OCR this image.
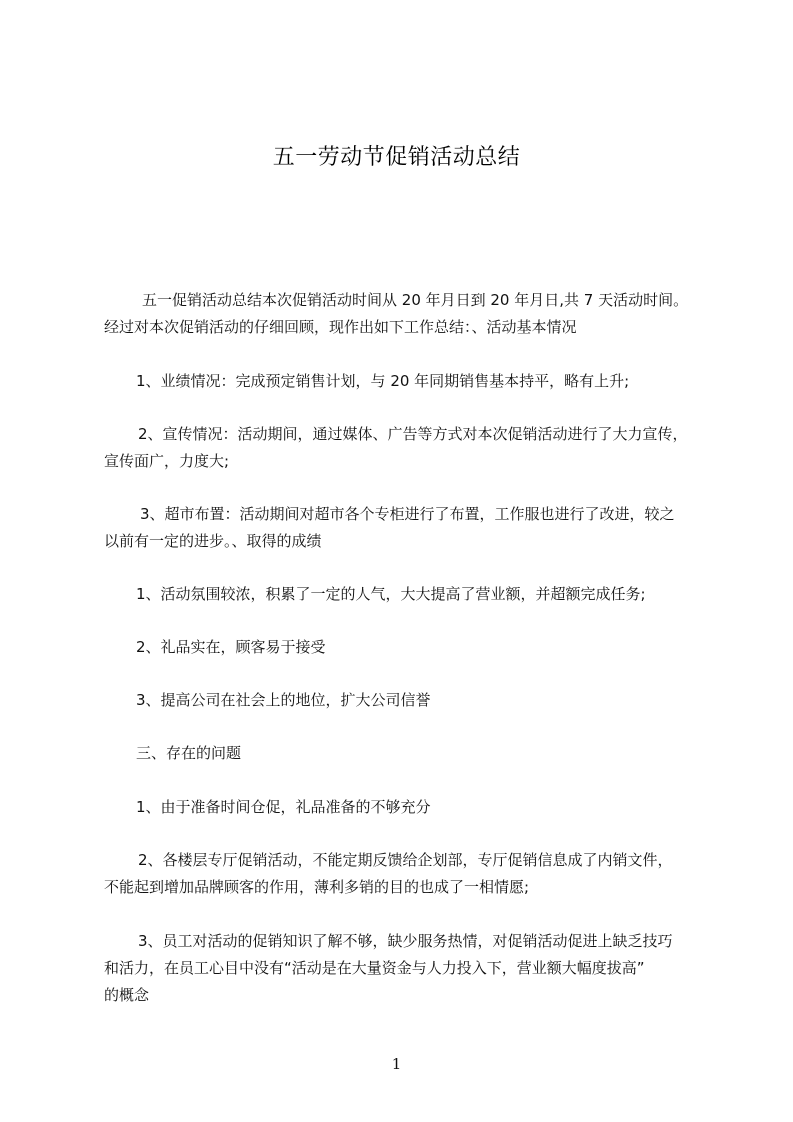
五一劳动节促销活动总结
五一促销活动总结本次促销活动时间从 20 年月日到 20 年月日,共 7 天活动时间。
经过对本次促销活动的仔细回顾，现作出如下工作总结：、活动基本情况
1、业绩情况：完成预定销售计划，与 20 年同期销售基本持平，略有上升;
2、宣传情况：活动期间，通过媒体、广告等方式对本次促销活动进行了大力宣传，
宣传面广，力度大;
3、超市布置：活动期间对超市各个专柜进行了布置，工作服也进行了改进，较之
以前有一定的进步。、取得的成绩
1、活动氛围较浓，积累了一定的人气，大大提高了营业额，并超额完成任务;
2、礼品实在，顾客易于接受
3、提高公司在社会上的地位，扩大公司信誉
三、存在的问题
1、由于准备时间仓促，礼品准备的不够充分
2、各楼层专厅促销活动，不能定期反馈给企划部，专厅促销信息成了内销文件，
不能起到增加品牌顾客的作用，薄利多销的目的也成了一相情愿;
3、员工对活动的促销知识了解不够，缺少服务热情，对促销活动促进上缺乏技巧
和活力，在员工心目中没有“活动是在大量资金与人力投入下，营业额大幅度拔高”
的概念
1
